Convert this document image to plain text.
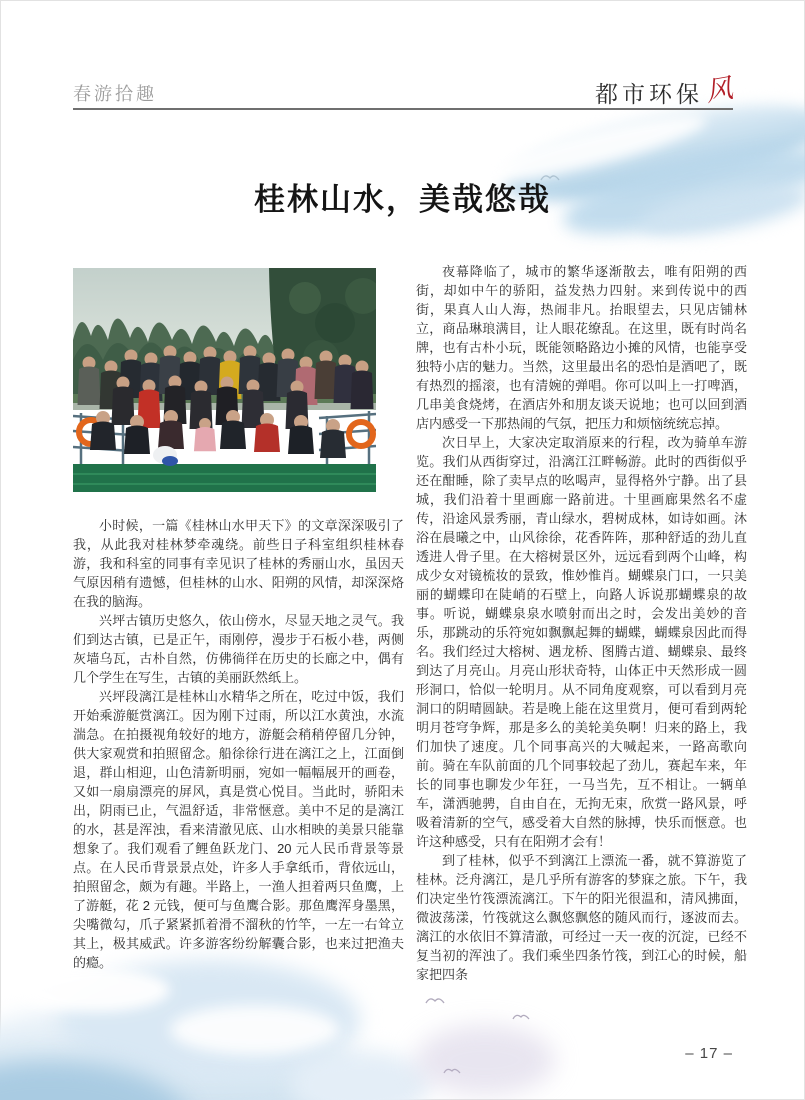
春游拾趣	都市环保 风
桂林山水，美哉悠哉

小时候，一篇《桂林山水甲天下》的文章深深吸引了我，从此我对桂林梦牵魂绕。前些日子科室组织桂林春游，我和科室的同事有幸见识了桂林的秀丽山水，虽因天气原因稍有遗憾，但桂林的山水、阳朔的风情，却深深烙在我的脑海。

兴坪古镇历史悠久，依山傍水，尽显天地之灵气。我们到达古镇，已是正午，雨刚停，漫步于石板小巷，两侧灰墙乌瓦，古朴自然，仿佛徜徉在历史的长廊之中，偶有几个学生在写生，古镇的美丽跃然纸上。

兴坪段漓江是桂林山水精华之所在，吃过中饭，我们开始乘游艇赏漓江。因为刚下过雨，所以江水黄浊，水流湍急。在拍摄视角较好的地方，游艇会稍稍停留几分钟，供大家观赏和拍照留念。船徐徐行进在漓江之上，江面倒退，群山相迎，山色清新明丽，宛如一幅幅展开的画卷，又如一扇扇漂亮的屏风，真是赏心悦目。当此时，骄阳未出，阴雨已止，气温舒适，非常惬意。美中不足的是漓江的水，甚是浑浊，看来清澈见底、山水相映的美景只能靠想象了。我们观看了鲤鱼跃龙门、20 元人民币背景等景点。在人民币背景景点处，许多人手拿纸币，背依远山，拍照留念，颇为有趣。半路上，一渔人担着两只鱼鹰，上了游艇，花 2 元钱，便可与鱼鹰合影。那鱼鹰浑身墨黑，尖嘴微勾，爪子紧紧抓着滑不溜秋的竹竿，一左一右耸立其上，极其威武。许多游客纷纷解囊合影，也来过把渔夫的瘾。

夜幕降临了，城市的繁华逐渐散去，唯有阳朔的西街，却如中午的骄阳，益发热力四射。来到传说中的西街，果真人山人海，热闹非凡。抬眼望去，只见店铺林立，商品琳琅满目，让人眼花缭乱。在这里，既有时尚名牌，也有古朴小玩，既能领略路边小摊的风情，也能享受独特小店的魅力。当然，这里最出名的恐怕是酒吧了，既有热烈的摇滚，也有清婉的弹唱。你可以叫上一打啤酒，几串美食烧烤，在酒店外和朋友谈天说地；也可以回到酒店内感受一下那热闹的气氛，把压力和烦恼统统忘掉。

次日早上，大家决定取消原来的行程，改为骑单车游览。我们从西街穿过，沿漓江江畔畅游。此时的西街似乎还在酣睡，除了卖早点的吆喝声，显得格外宁静。出了县城，我们沿着十里画廊一路前进。十里画廊果然名不虚传，沿途风景秀丽，青山绿水，碧树成林，如诗如画。沐浴在晨曦之中，山风徐徐，花香阵阵，那种舒适的劲儿直透进人骨子里。在大榕树景区外，远远看到两个山峰，构成少女对镜梳妆的景致，惟妙惟肖。蝴蝶泉门口，一只美丽的蝴蝶印在陡峭的石壁上，向路人诉说那蝴蝶泉的故事。听说，蝴蝶泉泉水喷射而出之时，会发出美妙的音乐，那跳动的乐符宛如飘飘起舞的蝴蝶，蝴蝶泉因此而得名。我们经过大榕树、遇龙桥、图腾古道、蝴蝶泉、最终到达了月亮山。月亮山形状奇特，山体正中天然形成一圆形洞口，恰似一轮明月。从不同角度观察，可以看到月亮洞口的阴晴圆缺。若是晚上能在这里赏月，便可看到两轮明月苍穹争辉，那是多么的美轮美奂啊！归来的路上，我们加快了速度。几个同事高兴的大喊起来，一路高歌向前。骑在车队前面的几个同事较起了劲儿，赛起车来，年长的同事也聊发少年狂，一马当先，互不相让。一辆单车，潇洒驰骋，自由自在，无拘无束，欣赏一路风景，呼吸着清新的空气，感受着大自然的脉搏，快乐而惬意。也许这种感受，只有在阳朔才会有！

到了桂林，似乎不到漓江上漂流一番，就不算游览了桂林。泛舟漓江，是几乎所有游客的梦寐之旅。下午，我们决定坐竹筏漂流漓江。下午的阳光很温和，清风拂面，微波荡漾，竹筏就这么飘悠飘悠的随风而行，逐波而去。漓江的水依旧不算清澈，可经过一天一夜的沉淀，已经不复当初的浑浊了。我们乘坐四条竹筏，到江心的时候，船家把四条

– 17 –
